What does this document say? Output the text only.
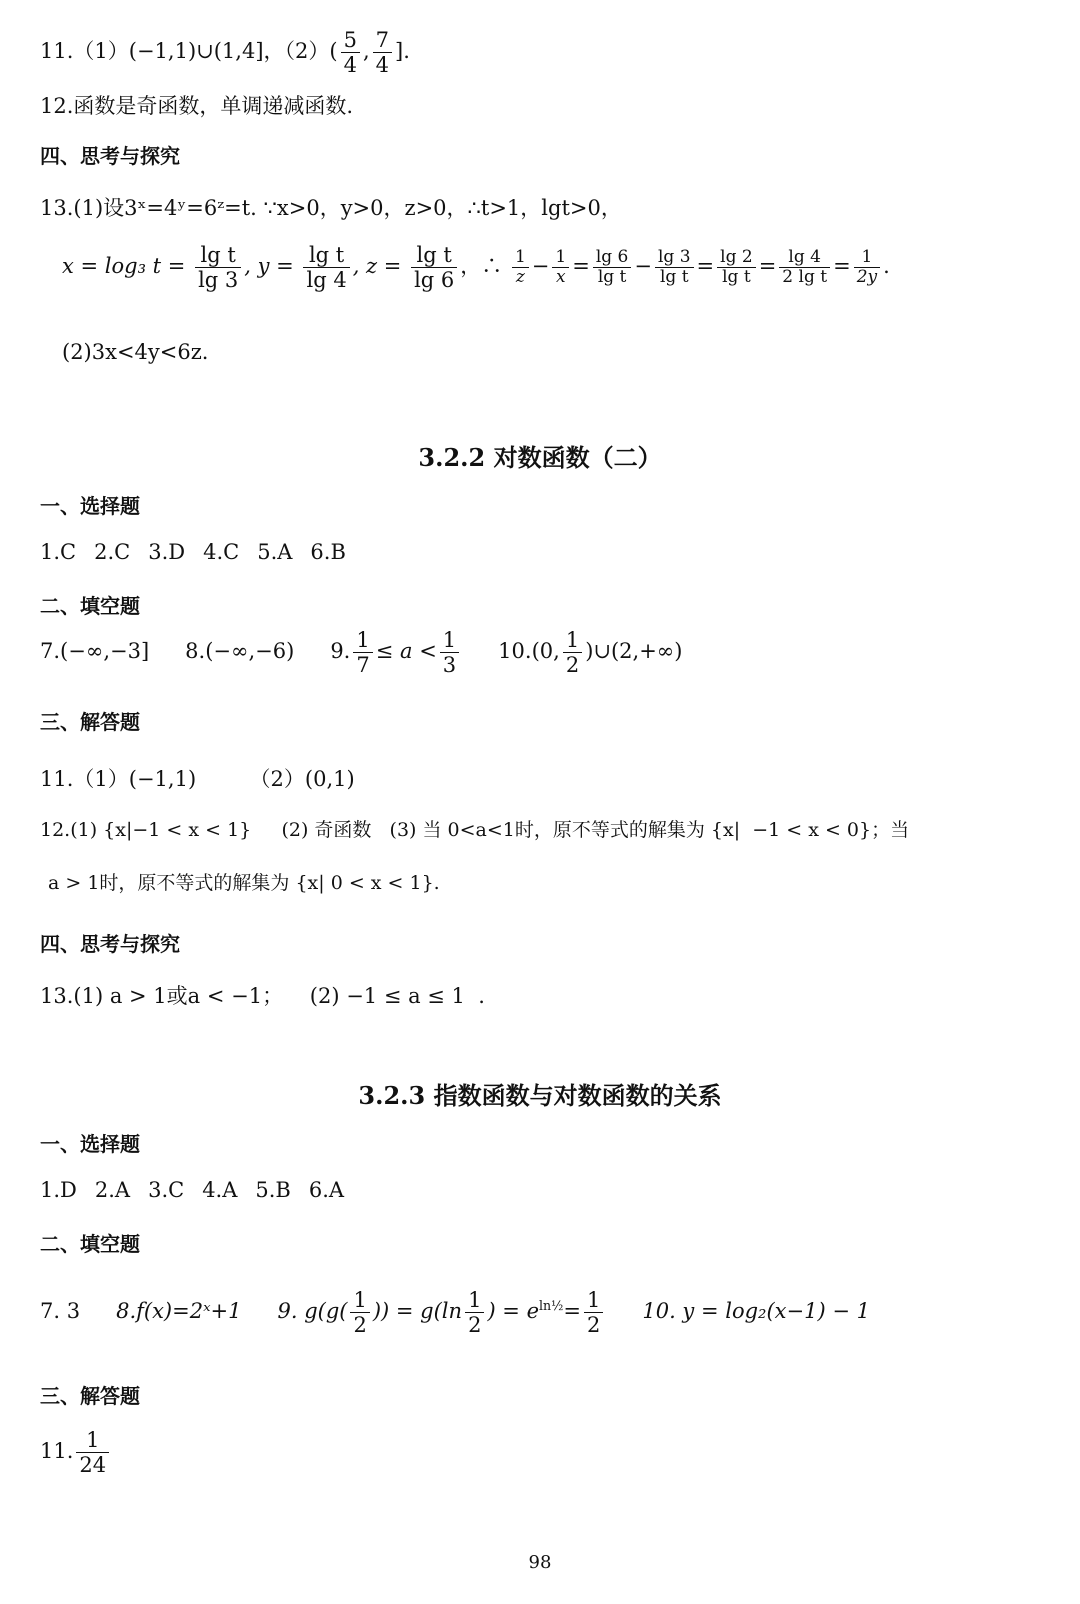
11.（1）(−1,1)∪(1,4]，$(2)( \frac{5}{4}$ , $\frac{7}{4}$ ].
12.函数是奇函数，单调递减函数.
四、思考与探究
13.(1)设3ˣ=4ʸ=6ᶻ=t. ∵x>0，y>0，z>0，∴t>1，lgt>0，
x = log₃ $t = \frac{\text{lg t}}{\lg 3}$ , $y = \frac{\text{lg t}}{\lg 4}$ , $z = \frac{\text{lg t}}{\lg 6}$ ，∴ $\frac{1}{z} - \frac{1}{x} = \frac{\lg 6}{\text{lg t}} - \frac{\lg 3}{\text{lg t}} = \frac{\lg 2}{\text{lg t}} = \frac{\lg 4}{\text{2 lg t}} = \frac{1}{2y}$ .
(2)3x<4y<6z.
3.2.2 对数函数（二）
一、选择题
1.C 2.C 3.D 4.C 5.A 6.B
二、填空题
7.(−∞,−3] 8.(−∞,−6) 9. $\frac{1}{7} \le a < \frac{1}{3} 10.(0$, $\frac{1}{2}$ )∪(2,+∞)
三、解答题
11.（1）(−1,1)        （2）(0,1)
12.(1) {x|−1 < x < 1}     (2) 奇函数   (3) 当 0<a<1时，原不等式的解集为 {x|  −1 < x < 0}；当
a > 1时，原不等式的解集为 {x| 0 < x < 1}.
四、思考与探究
13.(1) a > 1或a < −1；    (2) −1 ≤ a ≤ 1  .
3.2.3 指数函数与对数函数的关系
一、选择题
1.D 2.A 3.C 4.A 5.B 6.A
二、填空题
7. 3 8.f(x)=2ˣ+1 9. $g(g( \frac{1}{2}$ )) = $g(\ln \frac{1}{2}$ ) = $e^{ln\frac{1}{2}}= \frac{1}{2} 10$. y = log₂(x−1) − 1
三、解答题
11. $\frac{1}{24}$
98
